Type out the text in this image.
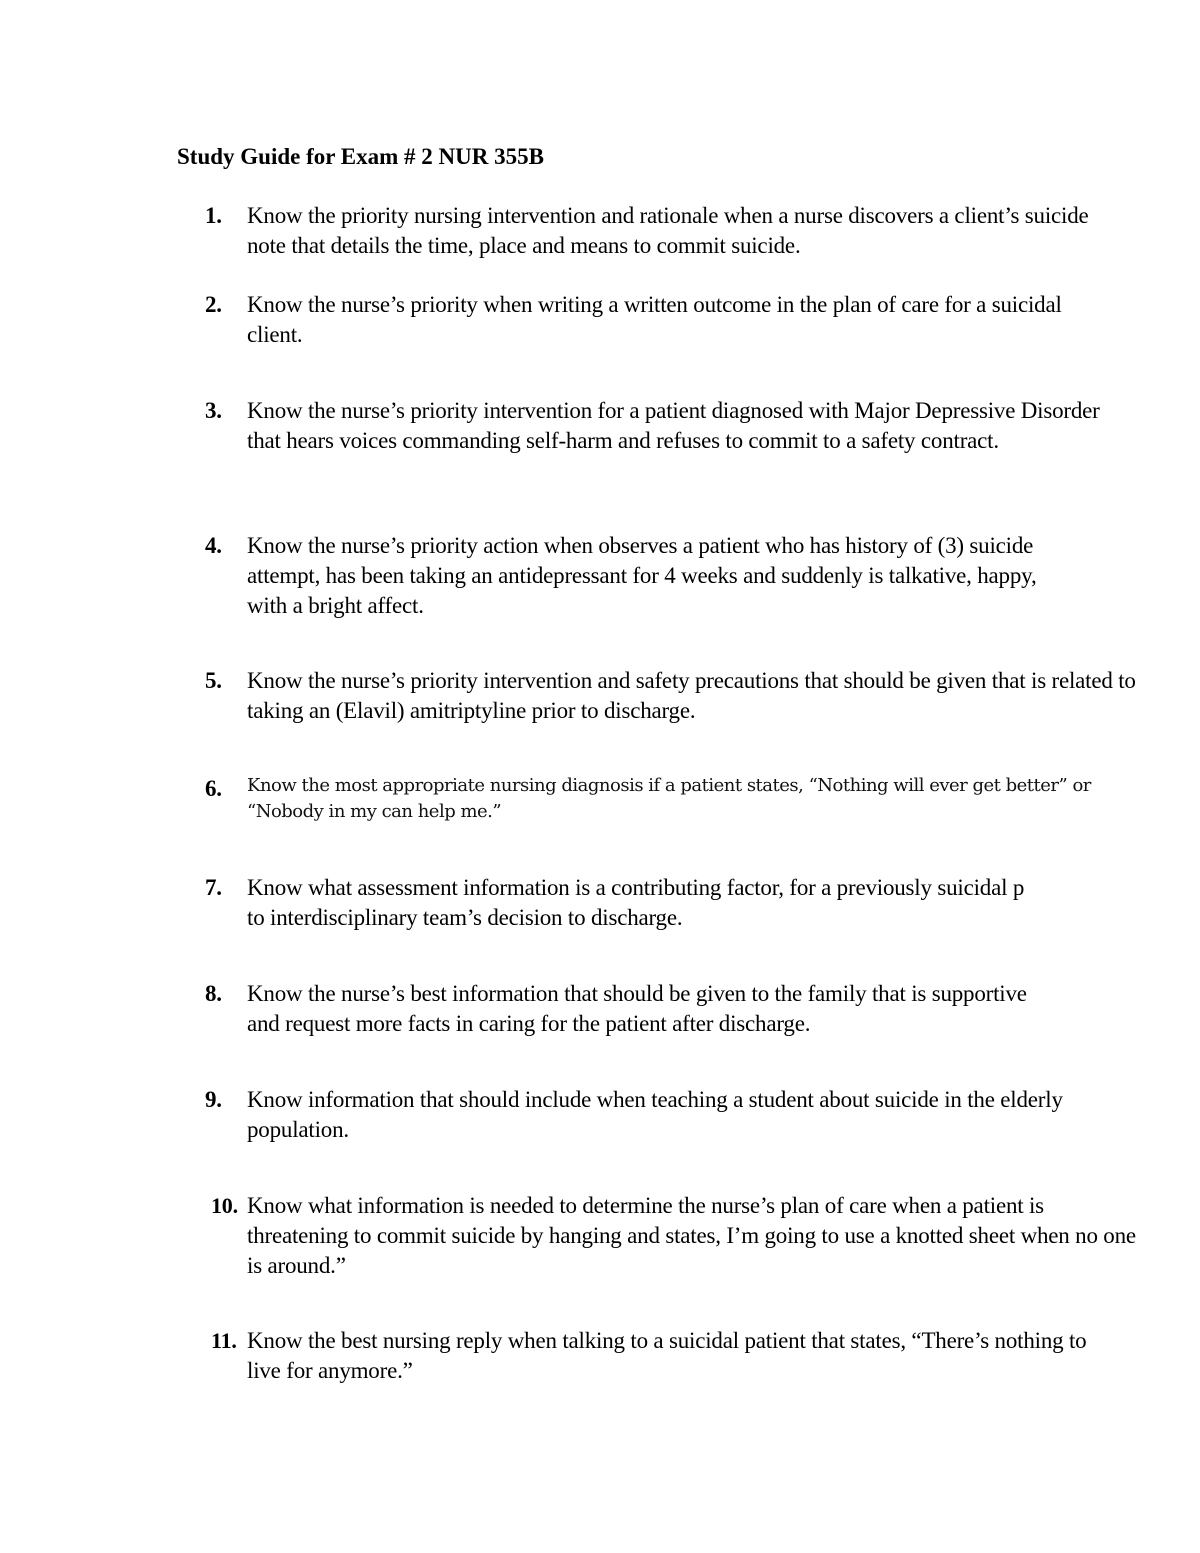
Study Guide for Exam # 2 NUR 355B
1.	Know the priority nursing intervention and rationale when a nurse discovers a client’s suicide note that details the time, place and means to commit suicide.
2.	Know the nurse’s priority when writing a written outcome in the plan of care for a suicidal client.
3.	Know the nurse’s priority intervention for a patient diagnosed with Major Depressive Disorder that hears voices commanding self-harm and refuses to commit to a safety contract.
4.	Know the nurse’s priority action when observes a patient who has history of (3) suicide attempt, has been taking an antidepressant for 4 weeks and suddenly is talkative, happy, with a bright affect.
5.	Know the nurse’s priority intervention and safety precautions that should be given that is related to taking an (Elavil) amitriptyline prior to discharge.
6.	Know the most appropriate nursing diagnosis if a patient states, “Nothing will ever get better” or “Nobody in my can help me.”
7.	Know what assessment information is a contributing factor, for a previously suicidal p
to interdisciplinary team’s decision to discharge.
8.	Know the nurse’s best information that should be given to the family that is supportive and request more facts in caring for the patient after discharge.
9.	Know information that should include when teaching a student about suicide in the elderly population.
10. Know what information is needed to determine the nurse’s plan of care when a patient is threatening to commit suicide by hanging and states, I’m going to use a knotted sheet when no one is around.”
11. Know the best nursing reply when talking to a suicidal patient that states, “There’s nothing to live for anymore.”
